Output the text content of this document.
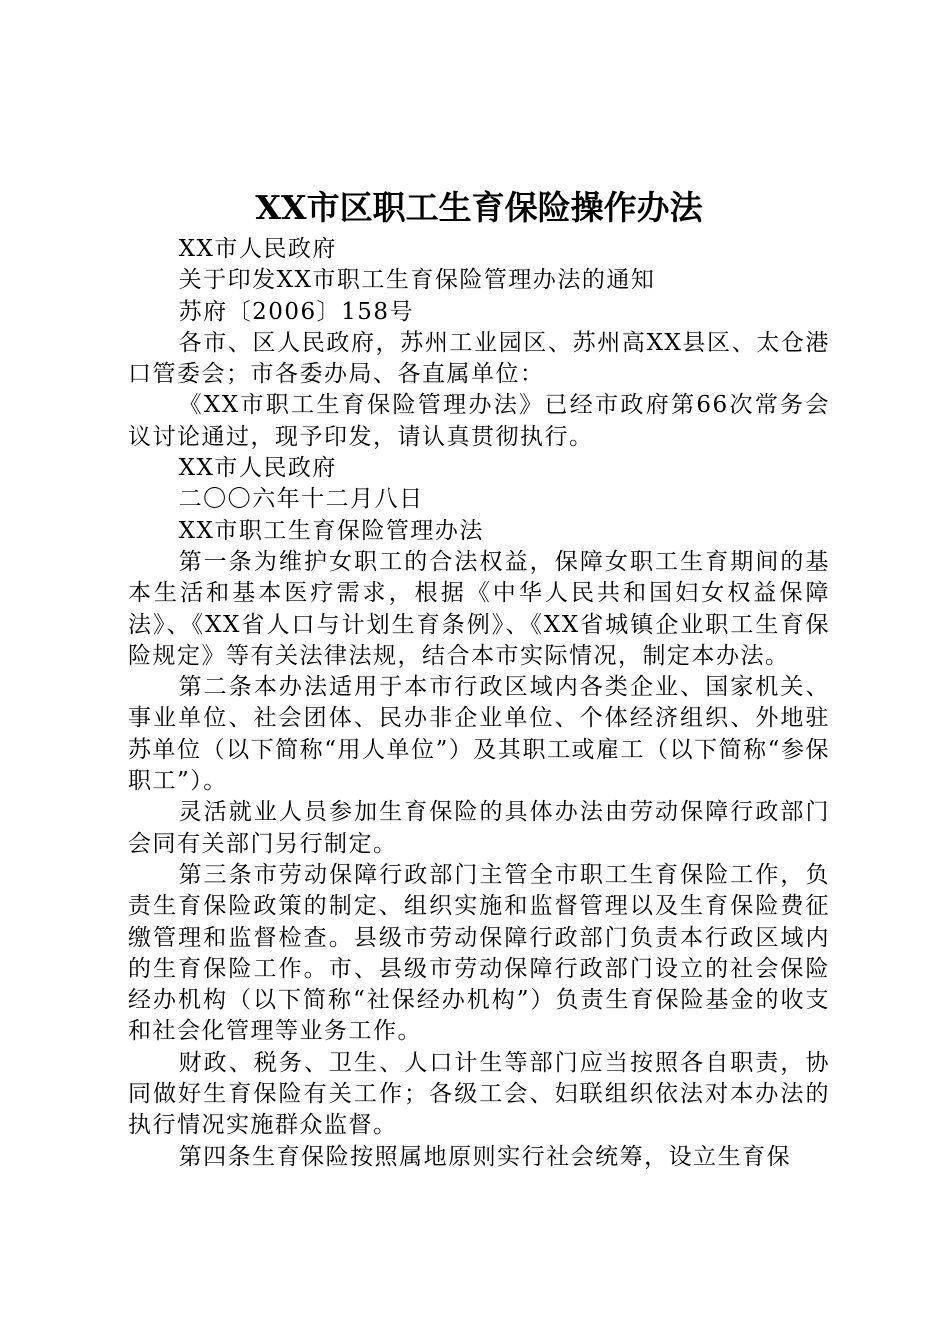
XX市区职工生育保险操作办法

XX市人民政府

关于印发XX市职工生育保险管理办法的通知

苏府〔2006〕158号

各市、区人民政府，苏州工业园区、苏州高XX县区、太仓港口管委会；市各委办局、各直属单位：

《XX市职工生育保险管理办法》已经市政府第66次常务会议讨论通过，现予印发，请认真贯彻执行。

XX市人民政府

二〇〇六年十二月八日

XX市职工生育保险管理办法

第一条为维护女职工的合法权益，保障女职工生育期间的基本生活和基本医疗需求，根据《中华人民共和国妇女权益保障法》、《XX省人口与计划生育条例》、《XX省城镇企业职工生育保险规定》等有关法律法规，结合本市实际情况，制定本办法。

第二条本办法适用于本市行政区域内各类企业、国家机关、事业单位、社会团体、民办非企业单位、个体经济组织、外地驻苏单位（以下简称“用人单位”）及其职工或雇工（以下简称“参保职工”）。

灵活就业人员参加生育保险的具体办法由劳动保障行政部门会同有关部门另行制定。

第三条市劳动保障行政部门主管全市职工生育保险工作，负责生育保险政策的制定、组织实施和监督管理以及生育保险费征缴管理和监督检查。县级市劳动保障行政部门负责本行政区域内的生育保险工作。市、县级市劳动保障行政部门设立的社会保险经办机构（以下简称“社保经办机构”）负责生育保险基金的收支和社会化管理等业务工作。

财政、税务、卫生、人口计生等部门应当按照各自职责，协同做好生育保险有关工作；各级工会、妇联组织依法对本办法的执行情况实施群众监督。

第四条生育保险按照属地原则实行社会统筹，设立生育保
